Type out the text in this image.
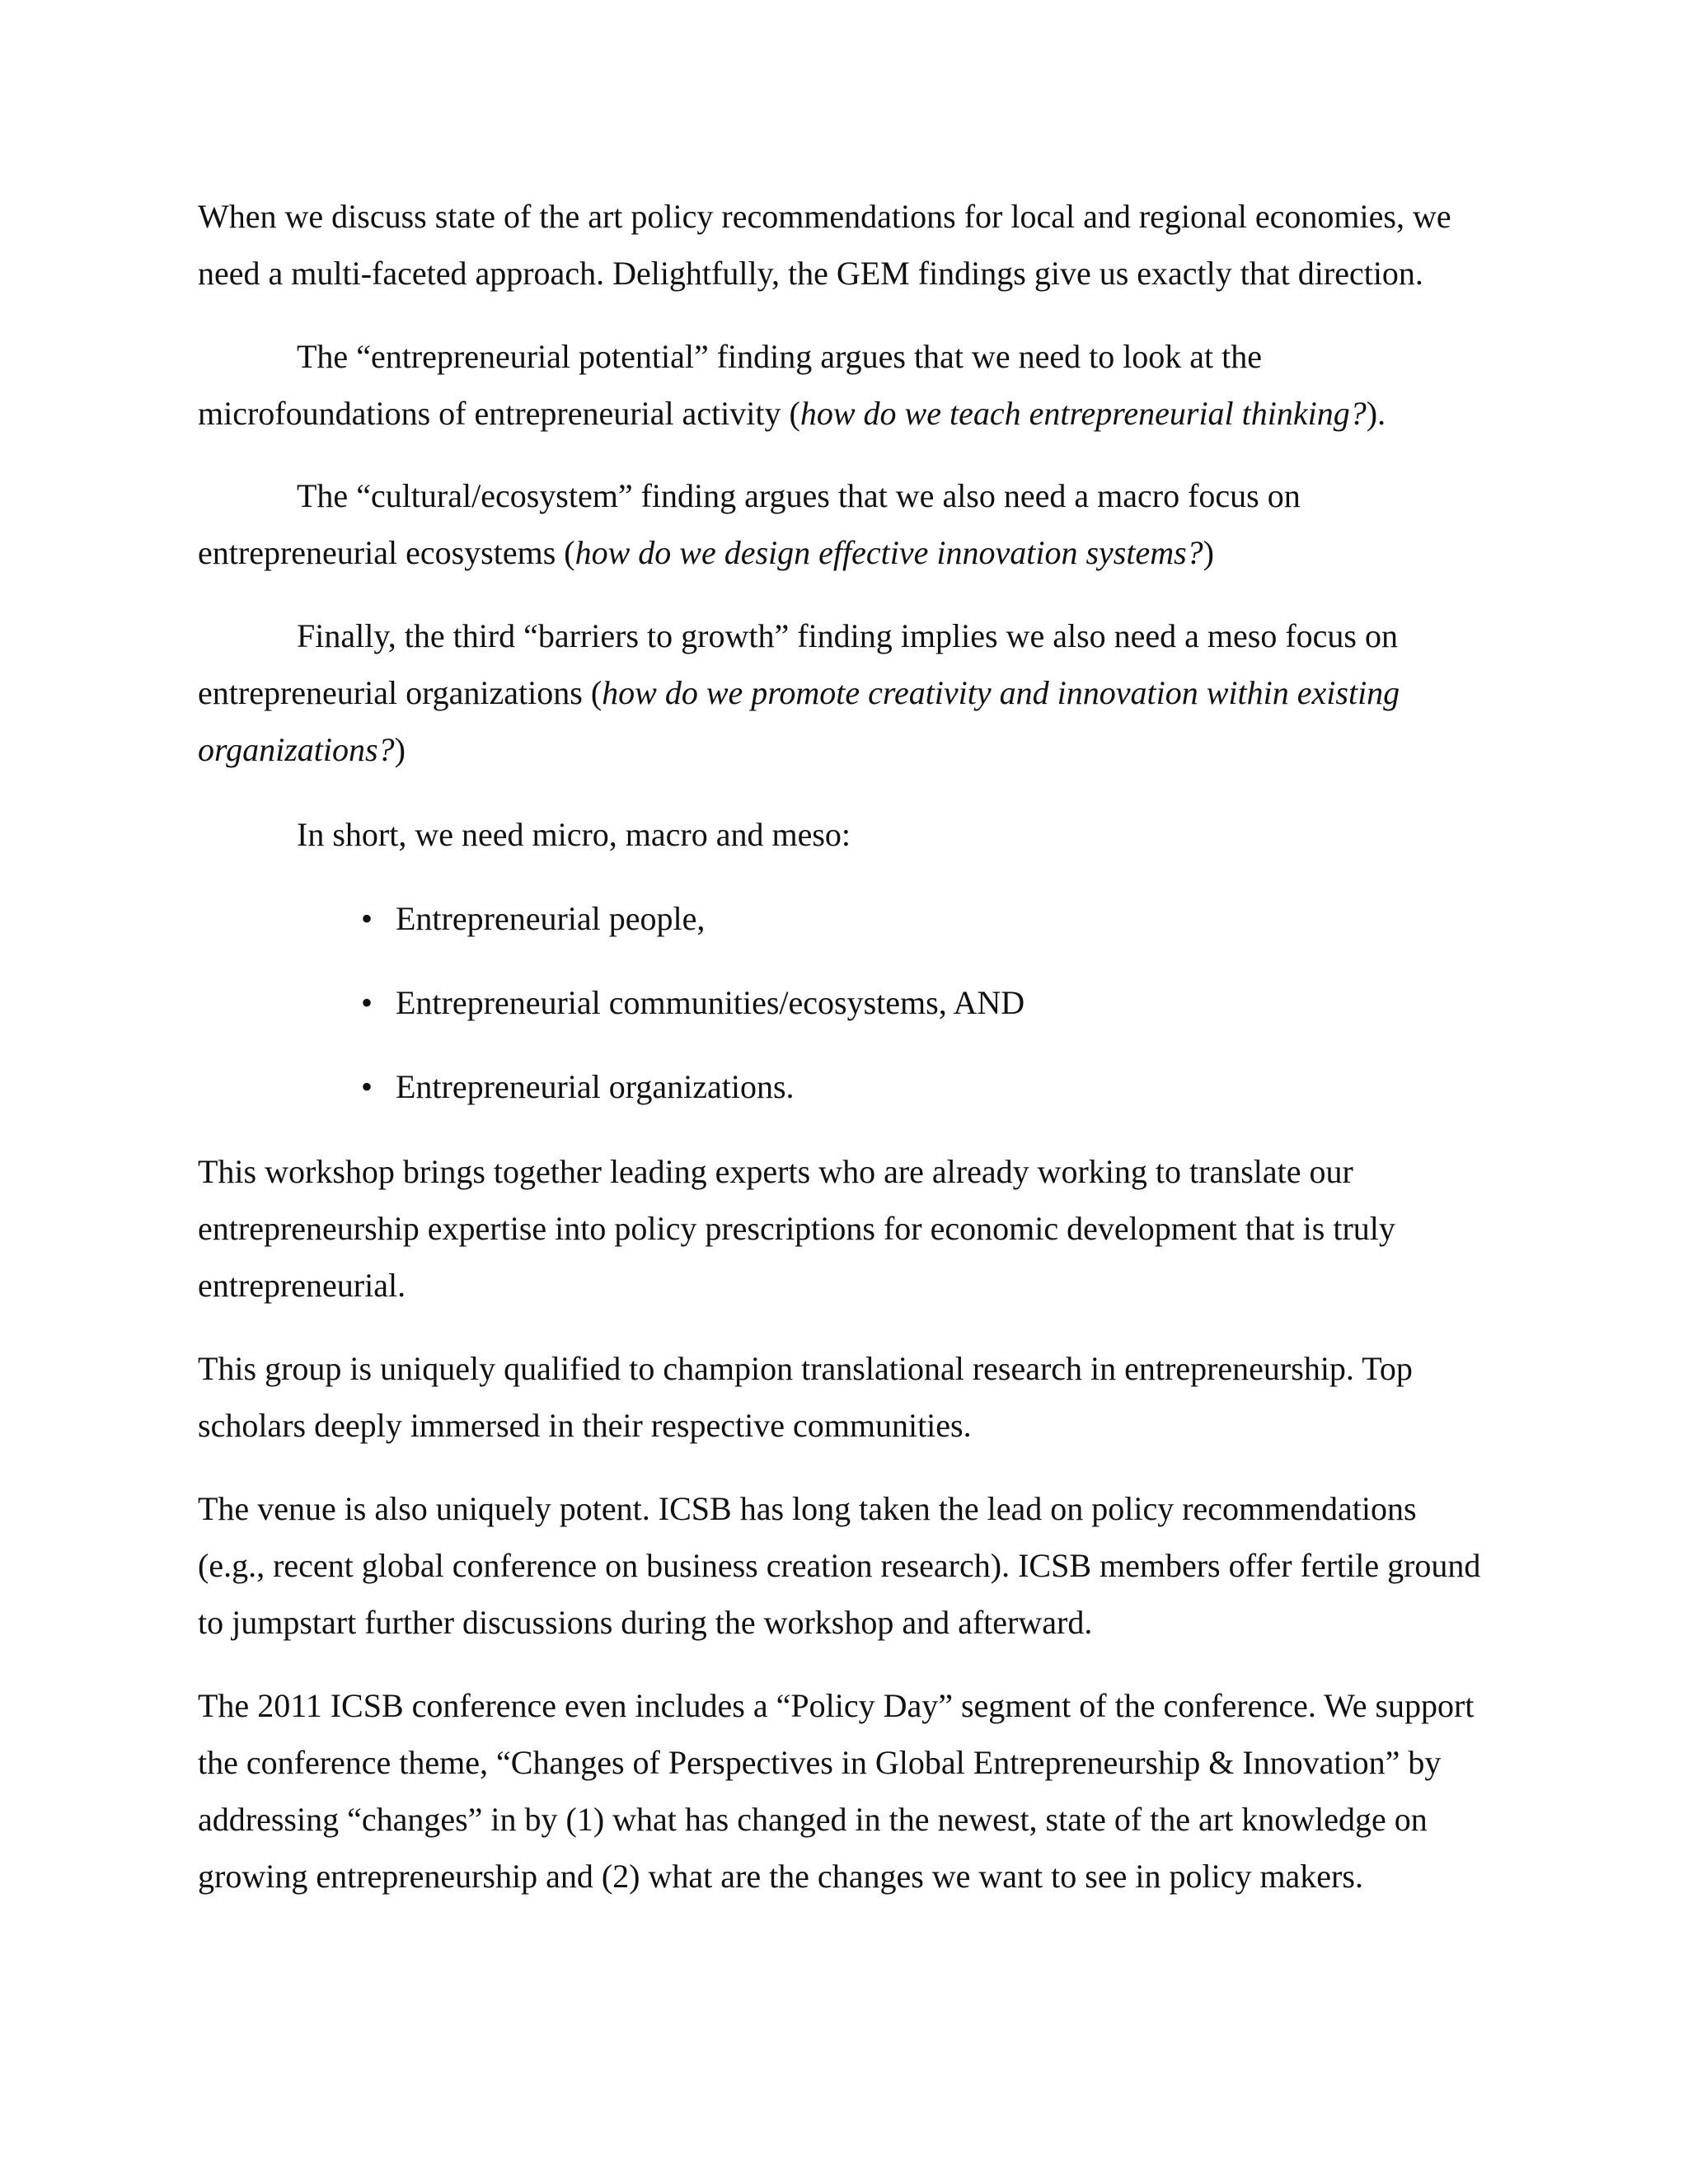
When we discuss state of the art policy recommendations for local and regional economies, we
need a multi-faceted approach. Delightfully, the GEM findings give us exactly that direction.
The “entrepreneurial potential” finding argues that we need to look at the
microfoundations of entrepreneurial activity (how do we teach entrepreneurial thinking?).
The “cultural/ecosystem” finding argues that we also need a macro focus on
entrepreneurial ecosystems (how do we design effective innovation systems?)
Finally, the third “barriers to growth” finding implies we also need a meso focus on
entrepreneurial organizations (how do we promote creativity and innovation within existing
organizations?)
In short, we need micro, macro and meso:
• Entrepreneurial people,
• Entrepreneurial communities/ecosystems, AND
• Entrepreneurial organizations.
This workshop brings together leading experts who are already working to translate our
entrepreneurship expertise into policy prescriptions for economic development that is truly
entrepreneurial.
This group is uniquely qualified to champion translational research in entrepreneurship. Top
scholars deeply immersed in their respective communities.
The venue is also uniquely potent. ICSB has long taken the lead on policy recommendations
(e.g., recent global conference on business creation research). ICSB members offer fertile ground
to jumpstart further discussions during the workshop and afterward.
The 2011 ICSB conference even includes a “Policy Day” segment of the conference. We support
the conference theme, “Changes of Perspectives in Global Entrepreneurship & Innovation” by
addressing “changes” in by (1) what has changed in the newest, state of the art knowledge on
growing entrepreneurship and (2) what are the changes we want to see in policy makers.
